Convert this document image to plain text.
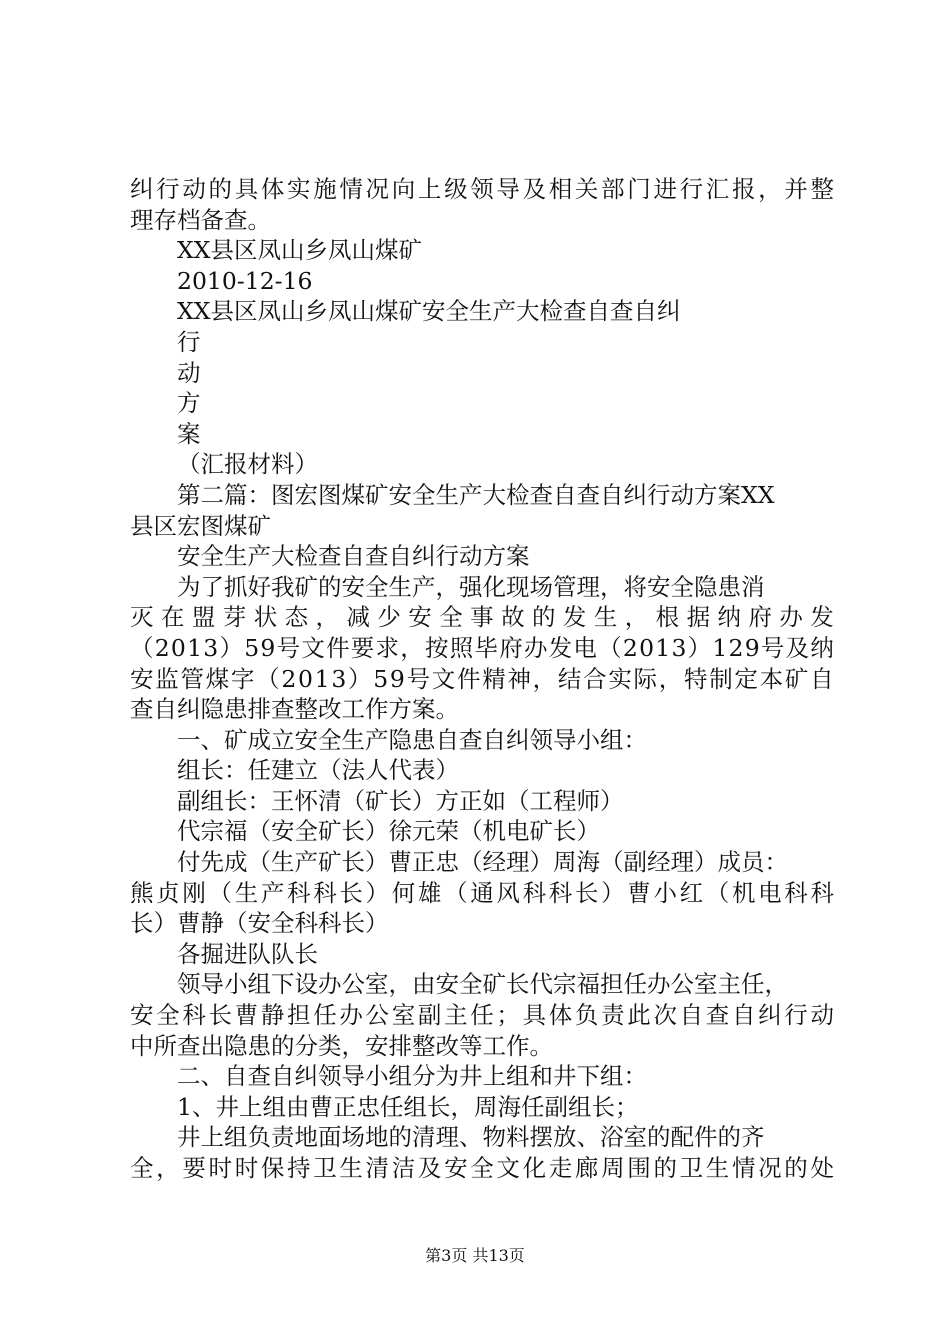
纠 行 动 的 具 体 实 施 情 况 向 上 级 领 导 及 相 关 部 门 进 行 汇 报 ， 并 整
理存档备查。
XX县区凤山乡凤山煤矿
2010-12-16
XX县区凤山乡凤山煤矿安全生产大检查自查自纠
行
动
方
案
（汇报材料）
第二篇：图宏图煤矿安全生产大检查自查自纠行动方案XX
县区宏图煤矿
安全生产大检查自查自纠行动方案
为了抓好我矿的安全生产，强化现场管理，将安全隐患消
灭 在 盟 芽 状 态 ， 减 少 安 全 事 故 的 发 生 ， 根 据 纳 府 办 发
（ 2 0 1 3 ） 5 9 号 文 件 要 求 ， 按 照 毕 府 办 发 电 （ 2 0 1 3 ） 1 2 9 号 及 纳
安 监 管 煤 字 （ 2 0 1 3 ） 5 9 号 文 件 精 神 ， 结 合 实 际 ， 特 制 定 本 矿 自
查自纠隐患排查整改工作方案。
一、矿成立安全生产隐患自查自纠领导小组：
组长：任建立（法人代表）
副组长：王怀清（矿长）方正如（工程师）
代宗福（安全矿长）徐元荣（机电矿长）
付先成（生产矿长）曹正忠（经理）周海（副经理）成员：
熊 贞 刚 （ 生 产 科 科 长 ） 何 雄 （ 通 风 科 科 长 ） 曹 小 红 （ 机 电 科 科
长）曹静（安全科科长）
各掘进队队长
领导小组下设办公室，由安全矿长代宗福担任办公室主任，
安 全 科 长 曹 静 担 任 办 公 室 副 主 任 ； 具 体 负 责 此 次 自 查 自 纠 行 动
中所查出隐患的分类，安排整改等工作。
二、自查自纠领导小组分为井上组和井下组：
1、井上组由曹正忠任组长，周海任副组长；
井上组负责地面场地的清理、物料摆放、浴室的配件的齐
全 ， 要 时 时 保 持 卫 生 清 洁 及 安 全 文 化 走 廊 周 围 的 卫 生 情 况 的 处
第3页 共13页
